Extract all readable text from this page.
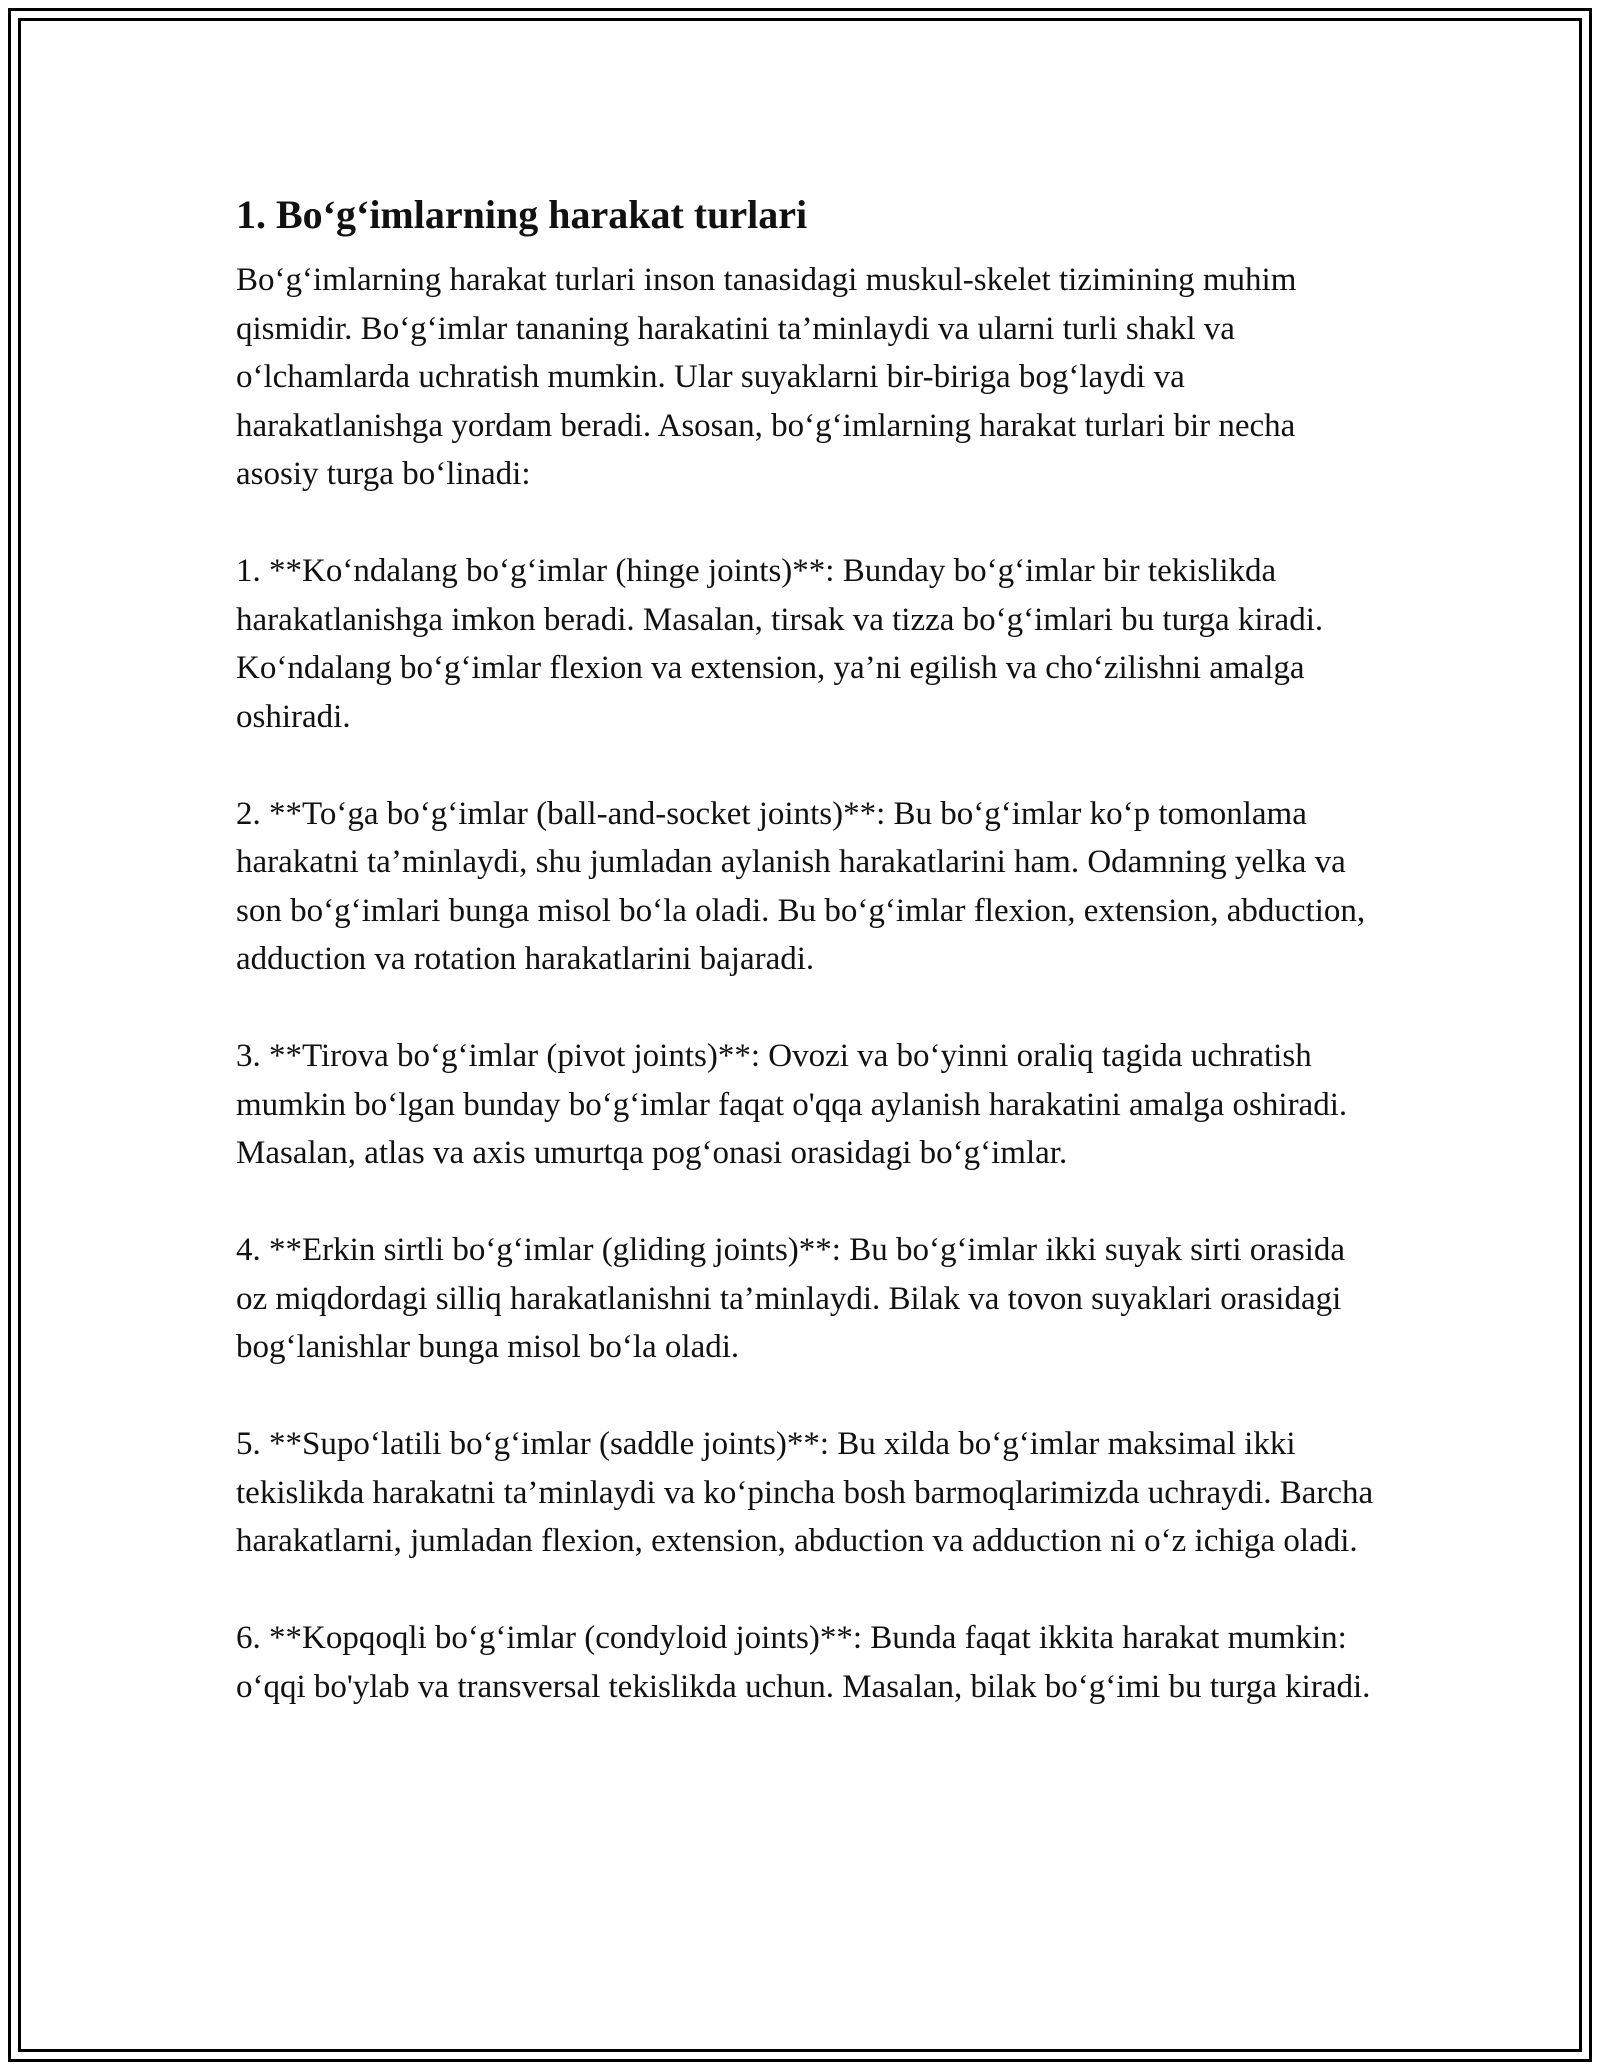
1. Bo‘g‘imlarning harakat turlari

Bo‘g‘imlarning harakat turlari inson tanasidagi muskul-skelet tizimining muhim qismidir. Bo‘g‘imlar tananing harakatini ta’minlaydi va ularni turli shakl va o‘lchamlarda uchratish mumkin. Ular suyaklarni bir-biriga bog‘laydi va harakatlanishga yordam beradi. Asosan, bo‘g‘imlarning harakat turlari bir necha asosiy turga bo‘linadi:

1. **Ko‘ndalang bo‘g‘imlar (hinge joints)**: Bunday bo‘g‘imlar bir tekislikda harakatlanishga imkon beradi. Masalan, tirsak va tizza bo‘g‘imlari bu turga kiradi. Ko‘ndalang bo‘g‘imlar flexion va extension, ya’ni egilish va cho‘zilishni amalga oshiradi.

2. **To‘ga bo‘g‘imlar (ball-and-socket joints)**: Bu bo‘g‘imlar ko‘p tomonlama harakatni ta’minlaydi, shu jumladan aylanish harakatlarini ham. Odamning yelka va son bo‘g‘imlari bunga misol bo‘la oladi. Bu bo‘g‘imlar flexion, extension, abduction, adduction va rotation harakatlarini bajaradi.

3. **Tirova bo‘g‘imlar (pivot joints)**: Ovozi va bo‘yinni oraliq tagida uchratish mumkin bo‘lgan bunday bo‘g‘imlar faqat o'qqa aylanish harakatini amalga oshiradi. Masalan, atlas va axis umurtqa pog‘onasi orasidagi bo‘g‘imlar.

4. **Erkin sirtli bo‘g‘imlar (gliding joints)**: Bu bo‘g‘imlar ikki suyak sirti orasida oz miqdordagi silliq harakatlanishni ta’minlaydi. Bilak va tovon suyaklari orasidagi bog‘lanishlar bunga misol bo‘la oladi.

5. **Supo‘latili bo‘g‘imlar (saddle joints)**: Bu xilda bo‘g‘imlar maksimal ikki tekislikda harakatni ta’minlaydi va ko‘pincha bosh barmoqlarimizda uchraydi. Barcha harakatlarni, jumladan flexion, extension, abduction va adduction ni o‘z ichiga oladi.

6. **Kopqoqli bo‘g‘imlar (condyloid joints)**: Bunda faqat ikkita harakat mumkin: o‘qqi bo'ylab va transversal tekislikda uchun. Masalan, bilak bo‘g‘imi bu turga kiradi.
